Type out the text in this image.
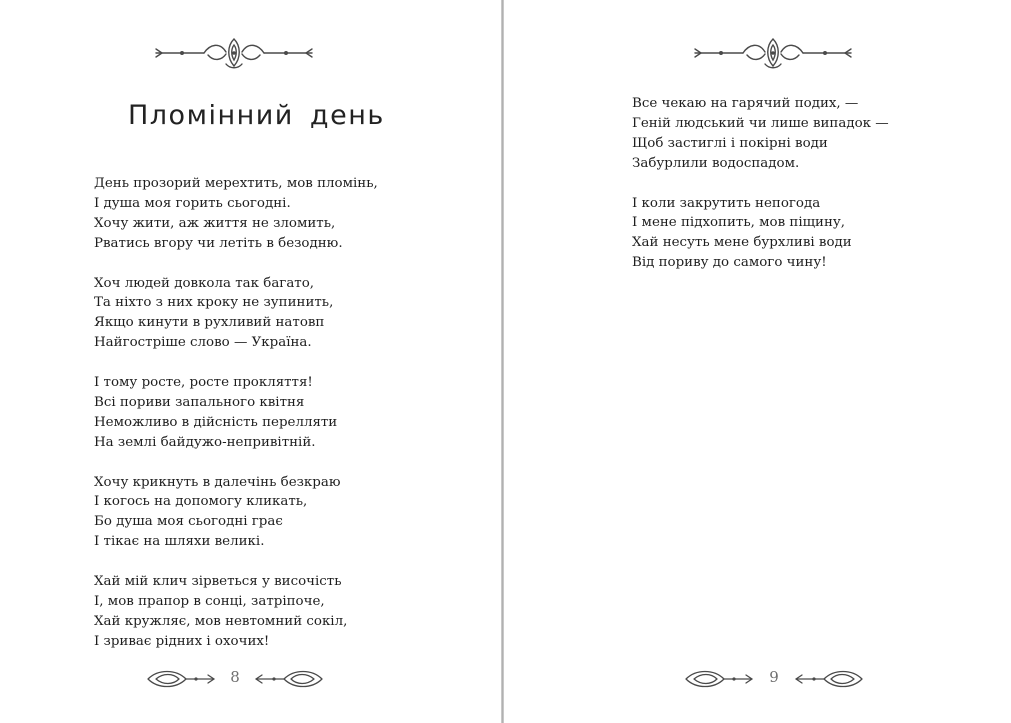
Пломінний день
День прозорий мерехтить, мов пломінь,
І душа моя горить сьогодні.
Хочу жити, аж життя не зломить,
Рватись вгору чи летіть в безодню.
Хоч людей довкола так багато,
Та ніхто з них кроку не зупинить,
Якщо кинути в рухливий натовп
Найгостріше слово — Україна.
І тому росте, росте прокляття!
Всі пориви запального квітня
Неможливо в дійсність перелляти
На землі байдужо-непривітній.
Хочу крикнуть в далечінь безкраю
І когось на допомогу кликать,
Бо душа моя сьогодні грає
І тікає на шляхи великі.
Хай мій клич зірветься у височість
І, мов прапор в сонці, затріпоче,
Хай кружляє, мов невтомний сокіл,
І зриває рідних і охочих!
8
Все чекаю на гарячий подих, —
Геній людський чи лише випадок —
Щоб застиглі і покірні води
Забурлили водоспадом.
І коли закрутить непогода
І мене підхопить, мов піщину,
Хай несуть мене бурхливі води
Від пориву до самого чину!
9
